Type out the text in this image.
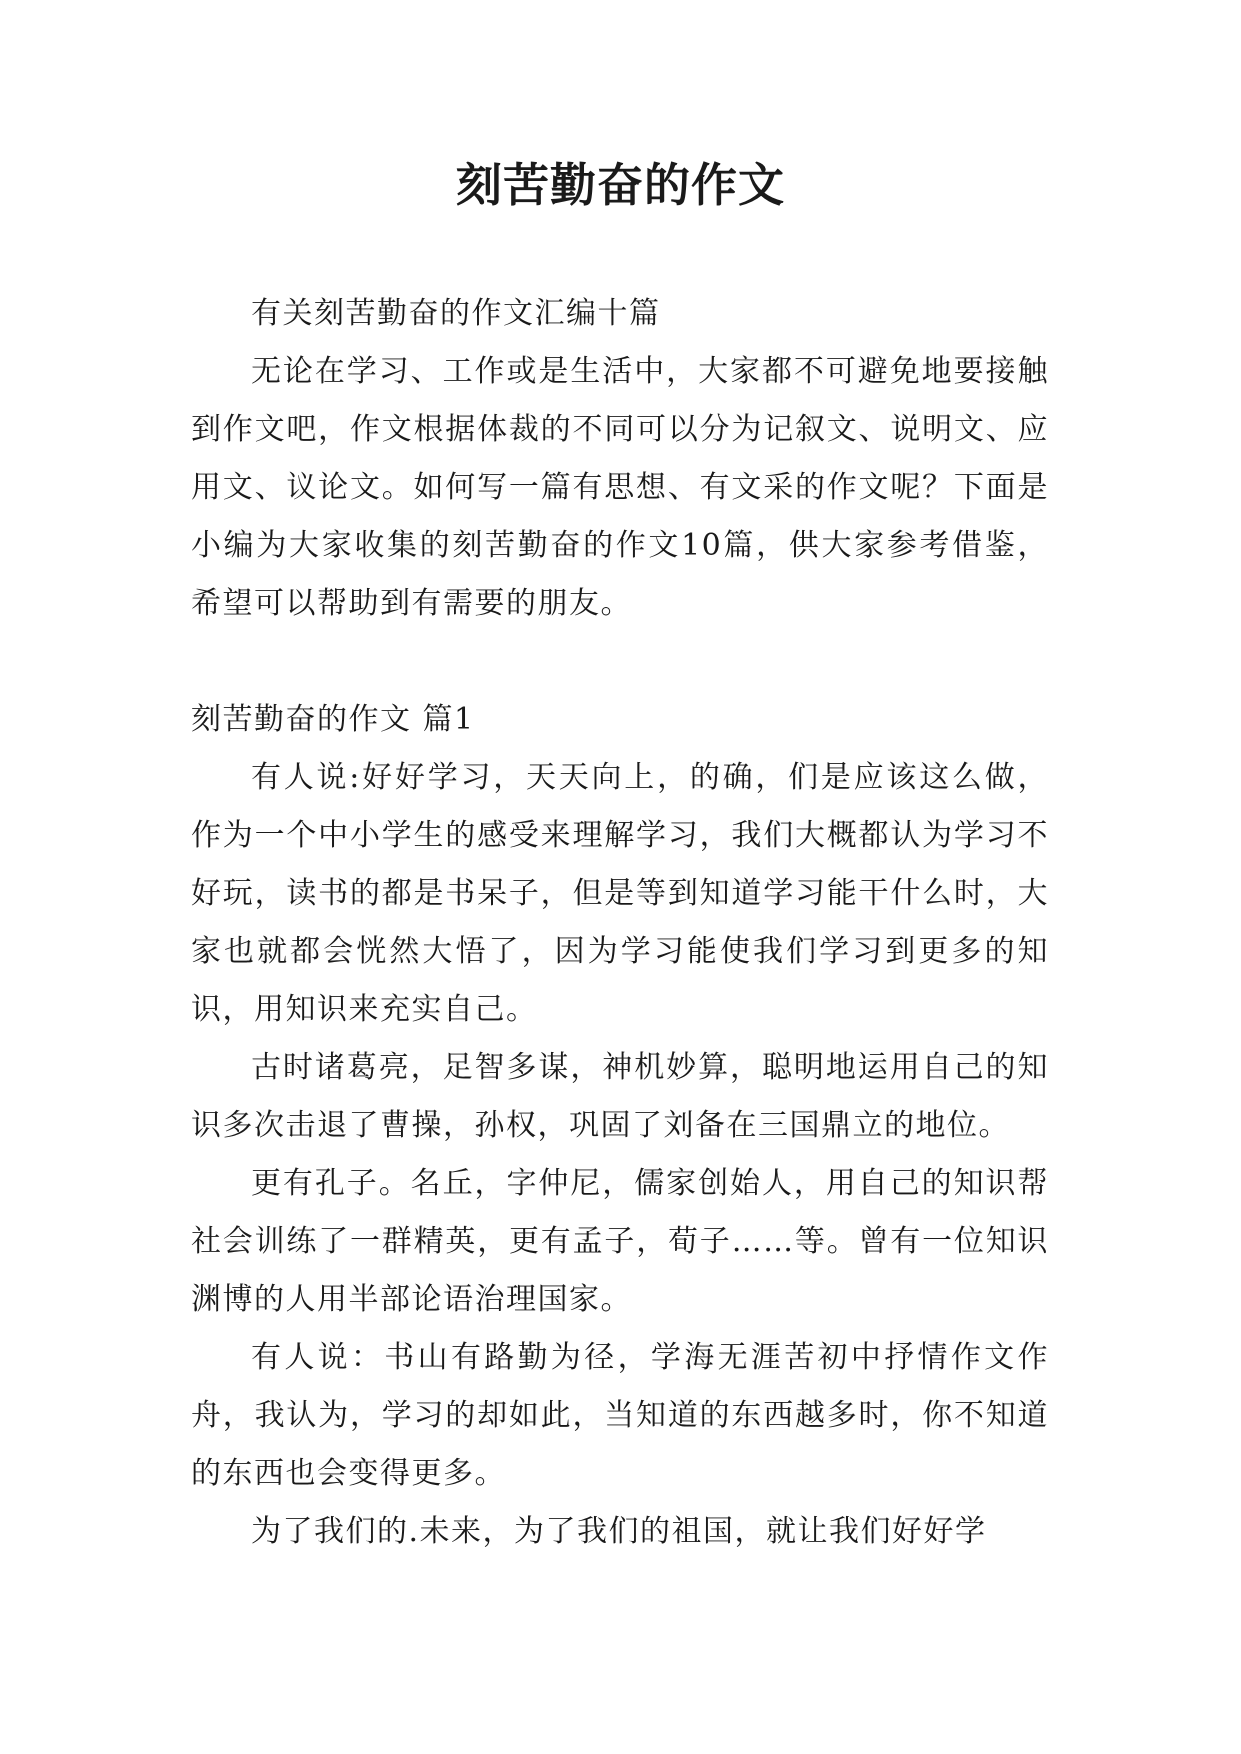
刻苦勤奋的作文

有关刻苦勤奋的作文汇编十篇

无论在学习、工作或是生活中，大家都不可避免地要接触到作文吧，作文根据体裁的不同可以分为记叙文、说明文、应用文、议论文。如何写一篇有思想、有文采的作文呢？下面是小编为大家收集的刻苦勤奋的作文10篇，供大家参考借鉴，希望可以帮助到有需要的朋友。

刻苦勤奋的作文 篇1

有人说:好好学习，天天向上，的确，们是应该这么做，作为一个中小学生的感受来理解学习，我们大概都认为学习不好玩，读书的都是书呆子，但是等到知道学习能干什么时，大家也就都会恍然大悟了，因为学习能使我们学习到更多的知识，用知识来充实自己。

古时诸葛亮，足智多谋，神机妙算，聪明地运用自己的知识多次击退了曹操，孙权，巩固了刘备在三国鼎立的地位。

更有孔子。名丘，字仲尼，儒家创始人，用自己的知识帮社会训练了一群精英，更有孟子，荀子……等。曾有一位知识渊博的人用半部论语治理国家。

有人说：书山有路勤为径，学海无涯苦初中抒情作文作舟，我认为，学习的却如此，当知道的东西越多时，你不知道的东西也会变得更多。

为了我们的.未来，为了我们的祖国，就让我们好好学
